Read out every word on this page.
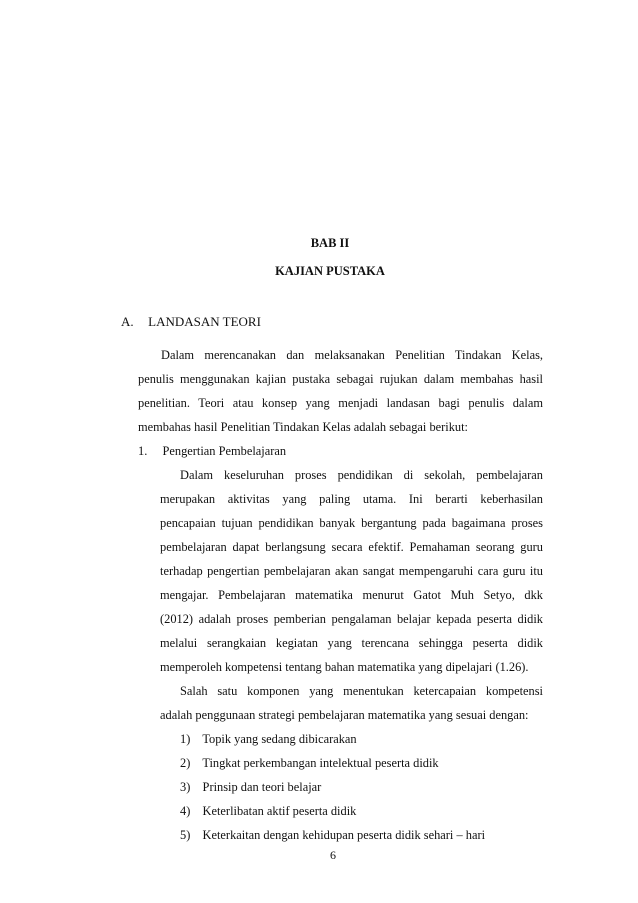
BAB II
KAJIAN PUSTAKA
A. LANDASAN TEORI
Dalam merencanakan dan melaksanakan Penelitian Tindakan Kelas,
penulis menggunakan kajian pustaka sebagai rujukan dalam membahas hasil
penelitian. Teori atau konsep yang menjadi landasan bagi penulis dalam
membahas hasil Penelitian Tindakan Kelas adalah sebagai berikut:
1. Pengertian Pembelajaran
Dalam keseluruhan proses pendidikan di sekolah, pembelajaran
merupakan aktivitas yang paling utama. Ini berarti keberhasilan
pencapaian tujuan pendidikan banyak bergantung pada bagaimana proses
pembelajaran dapat berlangsung secara efektif. Pemahaman seorang guru
terhadap pengertian pembelajaran akan sangat mempengaruhi cara guru itu
mengajar. Pembelajaran matematika menurut Gatot Muh Setyo, dkk
(2012) adalah proses pemberian pengalaman belajar kepada peserta didik
melalui serangkaian kegiatan yang terencana sehingga peserta didik
memperoleh kompetensi tentang bahan matematika yang dipelajari (1.26).
Salah satu komponen yang menentukan ketercapaian kompetensi
adalah penggunaan strategi pembelajaran matematika yang sesuai dengan:
1) Topik yang sedang dibicarakan
2) Tingkat perkembangan intelektual peserta didik
3) Prinsip dan teori belajar
4) Keterlibatan aktif peserta didik
5) Keterkaitan dengan kehidupan peserta didik sehari – hari
6
